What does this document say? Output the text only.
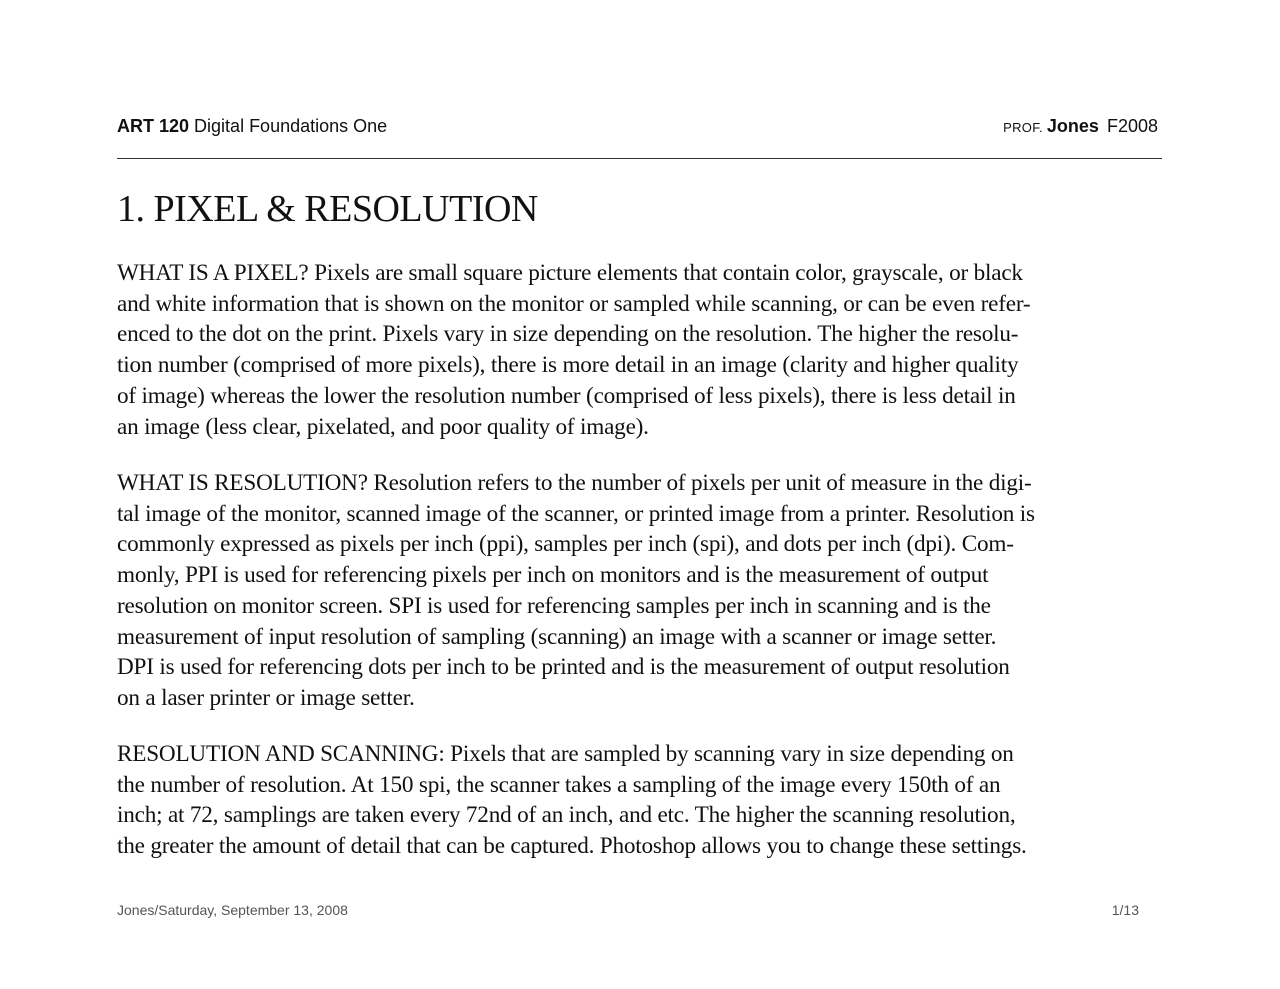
ART 120 Digital Foundations One	PROF. Jones F2008
1. PIXEL & RESOLUTION

WHAT IS A PIXEL? Pixels are small square picture elements that contain color, grayscale, or black
and white information that is shown on the monitor or sampled while scanning, or can be even refer-
enced to the dot on the print. Pixels vary in size depending on the resolution. The higher the resolu-
tion number (comprised of more pixels), there is more detail in an image (clarity and higher quality
of image) whereas the lower the resolution number (comprised of less pixels), there is less detail in
an image (less clear, pixelated, and poor quality of image).

WHAT IS RESOLUTION? Resolution refers to the number of pixels per unit of measure in the digi-
tal image of the monitor, scanned image of the scanner, or printed image from a printer. Resolution is
commonly expressed as pixels per inch (ppi), samples per inch (spi), and dots per inch (dpi). Com-
monly, PPI is used for referencing pixels per inch on monitors and is the measurement of output
resolution on monitor screen. SPI is used for referencing samples per inch in scanning and is the
measurement of input resolution of sampling (scanning) an image with a scanner or image setter.
DPI is used for referencing dots per inch to be printed and is the measurement of output resolution
on a laser printer or image setter.

RESOLUTION AND SCANNING: Pixels that are sampled by scanning vary in size depending on
the number of resolution. At 150 spi, the scanner takes a sampling of the image every 150th of an
inch; at 72, samplings are taken every 72nd of an inch, and etc. The higher the scanning resolution,
the greater the amount of detail that can be captured. Photoshop allows you to change these settings.

Jones/Saturday, September 13, 2008	1/13
